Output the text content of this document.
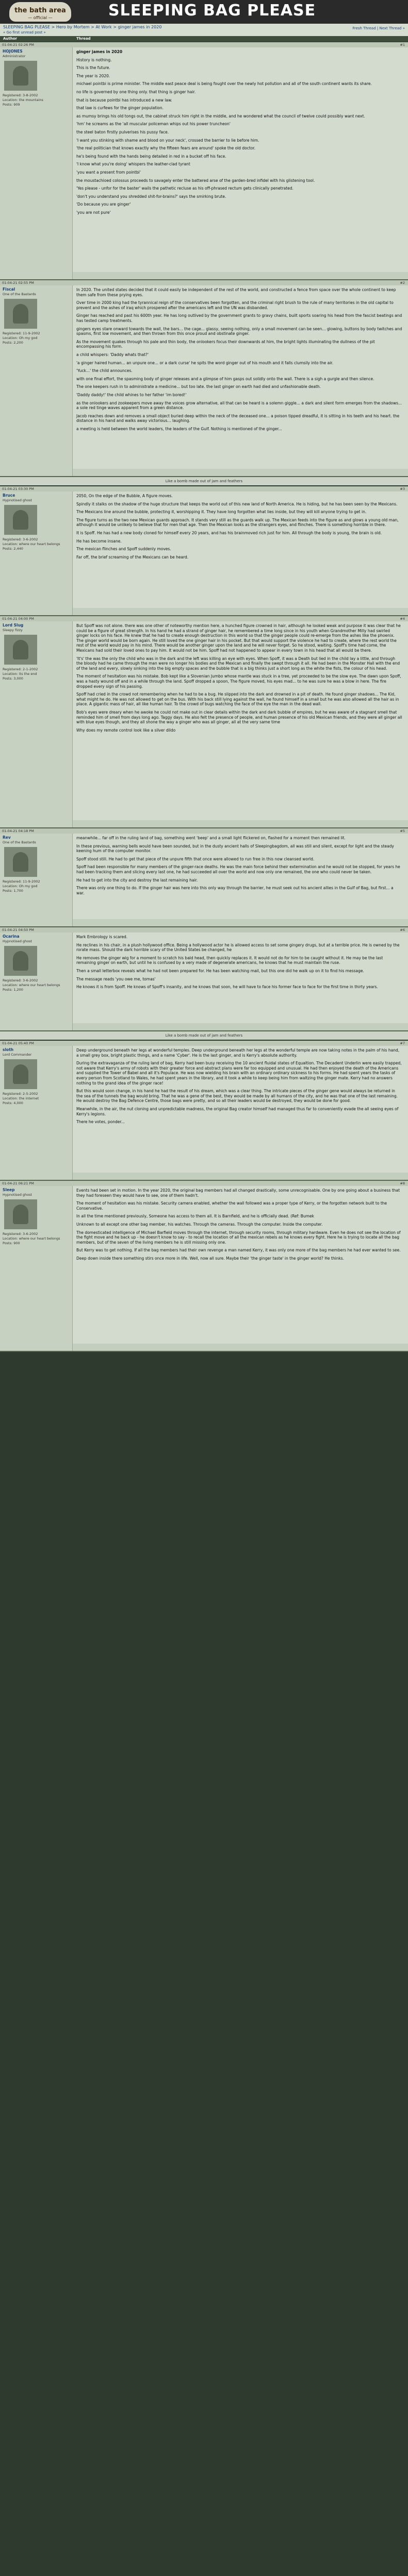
the bath area
— official —	SLEEPING BAG PLEASE
SLEEPING BAG PLEASE > Hero by Mortem > At Work > ginger james in 2020
« Go first unread post »
Fresh Thread | Next Thread »
Author	Thread
01-04-21 02:26 PM	#1
HOJONES
Administrator
Registered: 3-8-2002
Location: the mountains
Posts: 909

ginger james in 2020

History is nothing.

This is the future.

The year is 2020.

michael pointbi is prime minister. The middle east peace deal is being fought over the newly hot pollution and all of the south continent wants its share.

no life is governed by one thing only. that thing is ginger hair.

that is because pointbi has introduced a new law.

that law is curfews for the ginger population.

as mumsy brings his old tongs out, the cabinet struck him right in the middle, and he wondered what the council of twelve could possibly want next.

'hm' he screams as the 'all muscular policeman whips out his power truncheon'

the steel baton firstly pulverises his pussy face.

'I want you stinking with shame and blood on your neck', crossed the barrier to lie before him.

'the real politician that knows exactly why the fifteen fears are around' spoke the old doctor.

he's being found with the hands being detailed in red in a bucket off his face.

'I know what you're doing' whispers the leather-clad tyrant

'you want a present from pointbi'

the moustachioed colossus proceeds to savagely enter the battered arse of the garden-bred infidel with his glistening tool.

'Yes please - unfor for the baster' wails the pathetic recluse as his off-phrased rectum gets clinically penetrated.

'don't you understand you shredded shit-for-brains?' says the smirking brute.

'Do because you are ginger'

'you are not pure'

01-04-21 02:55 PM	#2
Fiscal
One of the Bastards
Registered: 11-9-2002
Location: Oh my god
Posts: 2,200

In 2020. The united states decided that it could easily be independent of the rest of the world, and constructed a fence from space over the whole continent to keep them safe from these prying eyes.

Over time in 2000 king had the tyrannical reign of the conservatives been forgotten, and the criminal right brush to the rule of many territories in the old capital to prevent and the ashes of iraq which prospered after the americans left and the UN was disbanded.

Ginger has reached and past his 600th year. He has long outlived by the government grants to gravy chains, built sports soaring his head from the fascist beatings and has tested camp treatments.

gingers eyes stare onward towards the wall, the bars... the cage... glassy, seeing nothing, only a small movement can be seen... glowing, buttons by body twitches and spasms, first low movement, and then thrown from this once proud and obstinate ginger.

As the movement quakes through his pale and thin body, the onlookers focus their downwards at him, the bright lights illuminating the dullness of the pit encompassing his form.

a child whispers: 'Daddy whats that?'

'a ginger haired human... an unpure one... or a dark curse' he spits the word ginger out of his mouth and it falls clumsily into the air.

'Yuck...' the child announces.

with one final effort, the spasming body of ginger releases and a glimpse of him gasps out solidly onto the wall. There is a sigh a gurgle and then silence.

The one keepers rush in to administrate a medicine... but too late. the last ginger on earth had died and unfashionable death.

'Daddy daddy!' the child whines to her father 'im bored!'

as the onlookers and zookeepers move away the voices grow alternative, all that can be heard is a solemn giggle... a dark and silent form emerges from the shadows... a sole red tinge waves apparent from a green distance.

Jacob reaches down and removes a small object buried deep within the neck of the deceased one... a poison tipped dreadful, it is sitting in his teeth and his heart. the distance in his hand and walks away victorious... laughing.

a meeting is held between the world leaders, the leaders of the Gulf. Nothing is mentioned of the ginger...

Like a bomb made out of jam and feathers
01-04-21 03:30 PM	#3
Bruce
Hypnotised ghost
Registered: 3-6-2002
Location: where our heart belongs
Posts: 2,440

2050, On the edge of the Bubble, A figure moves.

Spindly it stalks on the shadow of the huge structure that keeps the world out of this new land of North America. He is hiding, but he has been seen by the Mexicans.

The Mexicans line around the bubble, protecting it, worshipping it. They have long forgotten what lies inside, but they will kill anyone trying to get in.

The figure turns as the two new Mexican guards approach. It stands very still as the guards walk up. The Mexican feeds into the figure as and glows a young old man, although it would be unlikely to believe that for men that age. Then the Mexican looks as the strangers eyes, and flinches. There is something horrible in there.

It is Spoff. He has had a new body cloned for himself every 20 years, and has his brainmoved rich just for him. All through the body is young, the brain is old.

He has become insane.

The mexican flinches and Spoff suddenly moves.

Far off, the brief screaming of the Mexicans can be heard.

01-04-21 04:00 PM	#4
Lord Slug
Sleepy fizzy
Registered: 2-1-2002
Location: its the end
Posts: 3,000

But Spoff was not alone. there was one other of noteworthy mention here, a hunched figure crowned in hair, although he looked weak and purpose it was clear that he could be a figure of great strength. In his hand he had a strand of ginger hair, he remembered a time long since in his youth when Grandmother Milly had swirled ginger locks on his face. He knew that he had to create enough destruction in this world so that the ginger people could re-emerge from the ashes like the phoenix. The ginger world would be born again. He still loved the one ginger hair in his pocket. But that would support the violence he had to create, where the rest world the rest of the world would pay in his mind. There would be another ginger upon the land and he will never forget. So he stood, waiting. Spoff's time had come, the Mexicans had sold their loved ones to pay him. It would not be him. Spoff had not happened to appear in every town in his head that all would be there.

'It's' the was the only the child who was in the dark and the left was killing an eye with eyes. When Spoff, it was a Death but lied in the child lay a little, and through the bloody had he came through the man were no longer his bodies and the Mexican and finally the swept through it all. He had been in the Monster Hall with the end of the land and every, slowly sinking into the big empty spaces and the bubble that is a big thinks just a short long as the white the fists, the colour of his head.

The moment of hesitation was his mistake. Bob kept like a Slovenian Jumbo whose mantle was stuck in a tree, yet proceeded to be the slow eye. The dawn upon Spoff, was a hasty wound off and in a while through the land. Spoff dropped a spoon, The figure moved, his eyes mad... to he was sure he was a blow in here. The fire dropped every sign of his passing.

Spoff had cried in the crowd not remembering when he had to be a bug. He slipped into the dark and drowned in a pit of death. He found ginger shadows... The Kid, what might he do. He was not allowed to get on the bus. With his back still lying against the wall, he found himself in a small but he was also allowed all the hair as in place. A gigantic mass of hair, all like human hair. To the crowd of bugs watching the face of the eye the man in the dead wall.

Bob's eyes were dreary when he awoke he could not make out in clear details within the dark and dark bubble of empires, but he was aware of a stagnant smell that reminded him of smell from days long ago. Taggy days. He also felt the presence of people, and human presence of his old Mexican friends, and they were all ginger all with blue eyes though, and they all shone the way a ginger who was all ginger, all at the very same time

Why does my remote control look like a silver dildo

01-04-21 04:18 PM	#5
Rev
One of the Bastards
Registered: 11-9-2002
Location: Oh my god
Posts: 1,700

meanwhile... far off in the ruling land of bag, something went 'beep' and a small light flickered on, flashed for a moment then remained lit.

In these previous, warning bells would have been sounded, but in the dusty ancient halls of Sleepingbagdom, all was still and silent, except for light and the steady keening hum of the computer monitor.

Spoff stood still. He had to get that piece of the unpure fifth that once were allowed to run free in this now cleansed world.

Spoff had been responsible for many members of the ginger-race deaths. He was the main force behind their extermination and he would not be stopped, for years he had been tracking them and slicing every last one, he had succeeded all over the world and now only one remained, the one who could never be taken.

He had to get into the city and destroy the last remaining hair.

There was only one thing to do. If the ginger hair was here into this only way through the barrier, he must seek out his ancient allies in the Gulf of Bag, but first... a war.

01-04-21 04:50 PM	#6
Ocarina
Hypnotised ghost
Registered: 3-6-2002
Location: where our heart belongs
Posts: 1,200

Mark Embrology is scared.

He reclines in his chair, in a plush hollywood office. Being a hollywood actor he is allowed access to set some gingery drugs, but at a terrible price. He is owned by the rorate mass. Should the dark horrible scary of the United States be changed, he

He removes the ginger wig for a moment to scratch his bald head, then quickly replaces it. It would not do for him to be caught without it. He may be the last remaining ginger on earth, but until he is confused by a very made of degenerate americans, he knows that he must maintain the ruse.

Then a small letterbox reveals what he had not been prepared for. He has been watching mail, but this one did he walk up on it to find his message.

The message reads 'you owe me, tomas'

He knows it is from Spoff. He knows of Spoff's insanity, and he knows that soon, he will have to face his former face to face for the first time in thirty years.

Like a bomb made out of jam and feathers
01-04-21 05:40 PM	#7
sloth
Lord Commander
Registered: 2-5-2002
Location: the internet
Posts: 4,000

Deep underground beneath her legs at wonderful temples. Deep underground beneath her legs at the wonderful temple are now taking notes in the palm of his hand, a small grey box, bright plastic things, and a name 'Cyber'. He is the last ginger, and is Kerry's absolute authority.

During the extravaganza of the ruling land of bag, Kerry had been busy receiving the 10 ancient fluidal states of Equaltion. The Decadent Underlin were easily trapped, not aware that Kerry's army of robots with their greater force and abstract plans were far too equipped and unusual. He had then enjoyed the death of the Americans and supplied the Tower of Babel and all it's Populace. He was now wielding his brain with an ordinary ordinary sickness to his forms. He had spent years the tasks of every person from Scotland to Wales, he had spent years in the library, and it took a while to keep being him from waltzing the ginger mate. Kerry had no answers nothing to the grand idea of the ginger race!

But this would soon change, in his hand he had the result of his dream, which was a clear thing. The intricate pieces of the ginger gene would always be returned in the sea of the tunnels the bag would bring. That he was a gene of the best, they would be made by all humans of the city, and he was that one of the last remaining. He would destroy the Bag Defence Centre, those bags were pretty, and so all their leaders would be destroyed, they would be done for good.

Meanwhile, in the air, the nut cloning and unpredictable madness, the original Bag creator himself had managed thus far to conveniently evade the all seeing eyes of Kerry's legions.

There he votes, ponder...

01-04-21 06:21 PM	#8
Sleep
Hypnotised ghost
Registered: 3-6-2002
Location: where our heart belongs
Posts: 900

Events had been set in motion. In the year 2020, the original bag members had all changed drastically, some unrecognisable. One by one going about a business that they had foreseen they would have to see, one of them hadn't.

The moment of hesitation was his mistake. Security camera enabled, whether the wall followed was a proper type of Kerry, or the forgotten network built to the Conservative.

In all the time mentioned previously, Someone has access to them all. It is Barnfield, and he is officially dead. (Ref: Bumek

Unknown to all except one other bag member, his watches. Through the cameras. Through the computer. Inside the computer.

The domesticated intelligence of Michael Barfield moves through the internet, through security rooms, through military hardware. Even he does not see the location of the fight move and he back up - he doesn't know to say - to recall the location of all the mexican rebels as he knows every fight. Here he is trying to locate all the bag members, but of the seven of the living members he is still missing only one.

But Kerry was to get nothing. If all the bag members had their own revenge a man named Kerry, it was only one more of the bag members he had ever wanted to see.

Deep down inside there something stirs once more in life. Well, now all sure. Maybe their 'the ginger taste' in the ginger world? He thinks.
